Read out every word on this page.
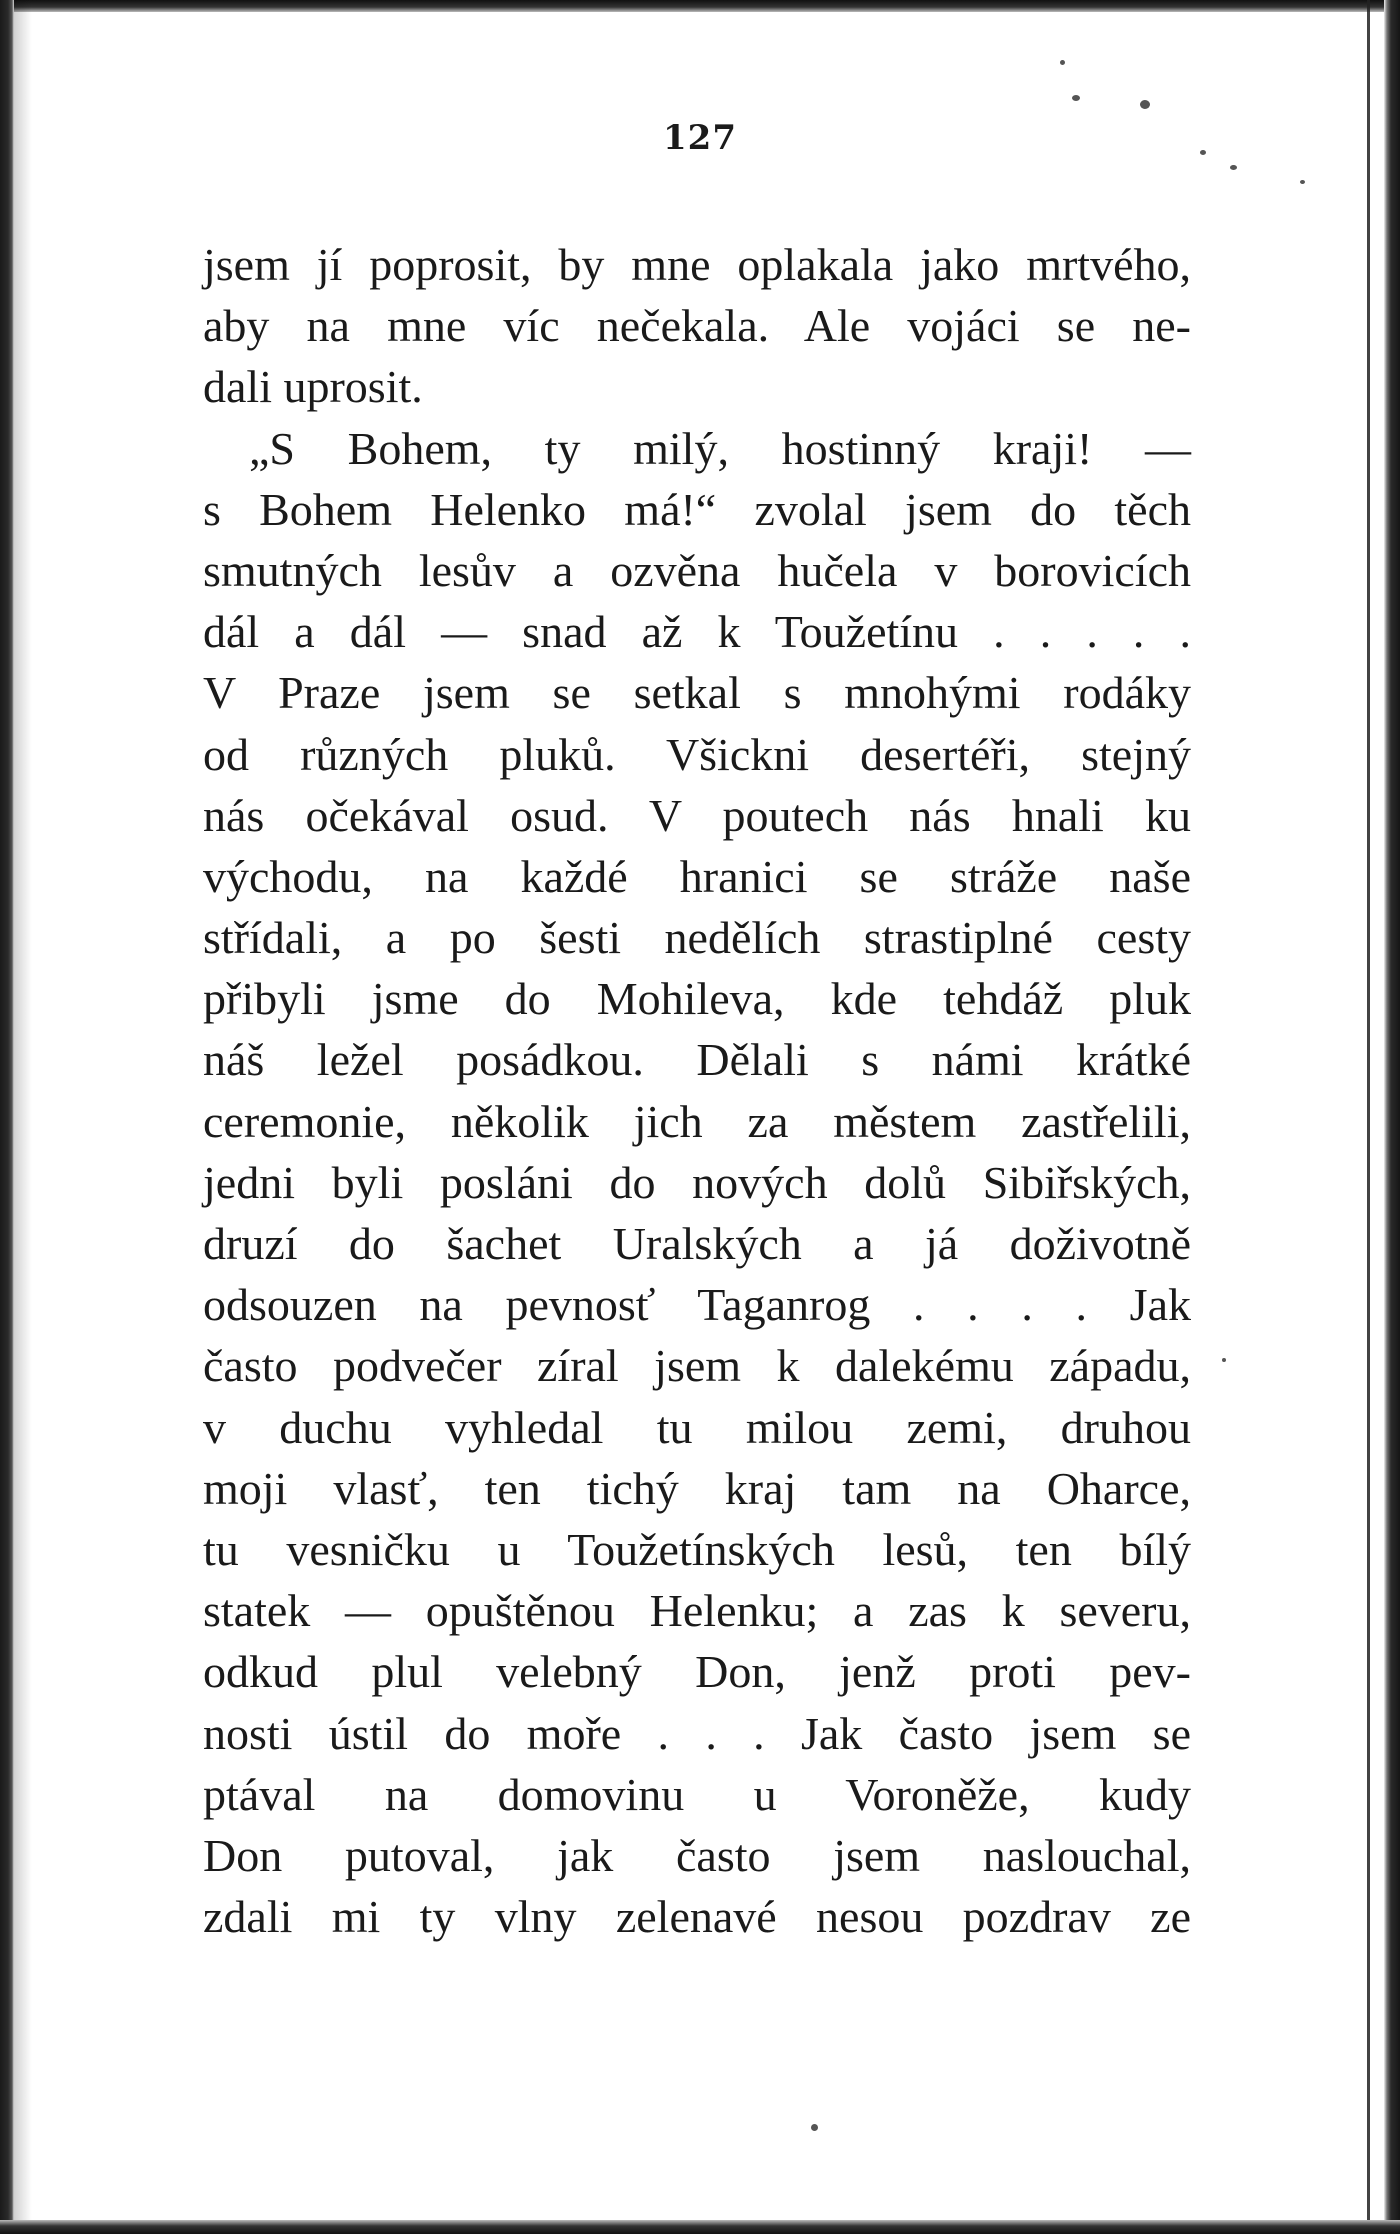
127
jsem jí poprosit, by mne oplakala jako mrtvého,
aby na mne víc nečekala. Ale vojáci se ne-
dali uprosit.
„S Bohem, ty milý, hostinný kraji! —
s Bohem Helenko má!“ zvolal jsem do těch
smutných lesův a ozvěna hučela v borovicích
dál a dál — snad až k Toužetínu . . . . .
V Praze jsem se setkal s mnohými rodáky
od různých pluků. Všickni desertéři, stejný
nás očekával osud. V poutech nás hnali ku
východu, na každé hranici se stráže naše
střídali, a po šesti nedělích strastiplné cesty
přibyli jsme do Mohileva, kde tehdáž pluk
náš ležel posádkou. Dělali s námi krátké
ceremonie, několik jich za městem zastřelili,
jedni byli posláni do nových dolů Sibiřských,
druzí do šachet Uralských a já doživotně
odsouzen na pevnosť Taganrog . . . . Jak
často podvečer zíral jsem k dalekému západu,
v duchu vyhledal tu milou zemi, druhou
moji vlasť, ten tichý kraj tam na Oharce,
tu vesničku u Toužetínských lesů, ten bílý
statek — opuštěnou Helenku; a zas k severu,
odkud plul velebný Don, jenž proti pev-
nosti ústil do moře . . . Jak často jsem se
ptával na domovinu u Voroněže, kudy
Don putoval, jak často jsem naslouchal,
zdali mi ty vlny zelenavé nesou pozdrav ze
